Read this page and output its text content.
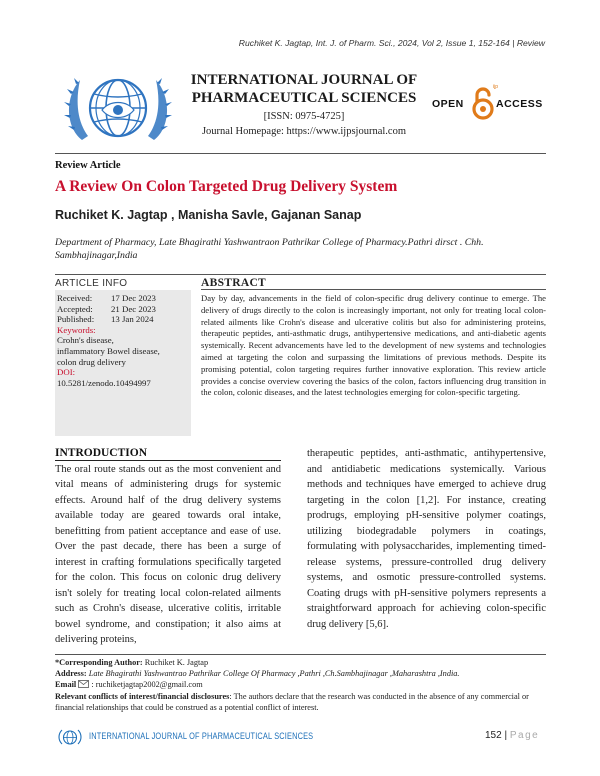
Ruchiket K. Jagtap, Int. J. of Pharm. Sci., 2024, Vol 2, Issue 1, 152-164 | Review
INTERNATIONAL JOURNAL OF
PHARMACEUTICAL SCIENCES
[ISSN: 0975-4725]
Journal Homepage: https://www.ijpsjournal.com
OPEN
ijp
ACCESS
Review Article
A Review On Colon Targeted Drug Delivery System
Ruchiket K. Jagtap , Manisha Savle, Gajanan Sanap
Department of Pharmacy, Late Bhagirathi Yashwantraon Pathrikar College of Pharmacy.Pathri dirsct . Chh.
Sambhajinagar,India
ARTICLE INFO
Received:	17 Dec 2023
Accepted:	21 Dec 2023
Published:	13 Jan 2024
Keywords:
Crohn's disease,
inflammatory Bowel disease,
colon drug delivery
DOI:
10.5281/zenodo.10494997
ABSTRACT
Day by day, advancements in the field of colon-specific drug delivery continue to emerge. The delivery of drugs directly to the colon is increasingly important, not only for treating local colon-related ailments like Crohn's disease and ulcerative colitis but also for administering proteins, therapeutic peptides, anti-asthmatic drugs, antihypertensive medications, and anti-diabetic agents systemically. Recent advancements have led to the development of new systems and technologies aimed at targeting the colon and surpassing the limitations of previous methods. Despite its promising potential, colon targeting requires further innovative exploration. This review article provides a concise overview covering the basics of the colon, factors influencing drug transition in the colon, colonic diseases, and the latest technologies emerging for colon-specific targeting.
INTRODUCTION
The oral route stands out as the most convenient and vital means of administering drugs for systemic effects. Around half of the drug delivery systems available today are geared towards oral intake, benefitting from patient acceptance and ease of use. Over the past decade, there has been a surge of interest in crafting formulations specifically targeted for the colon. This focus on colonic drug delivery isn't solely for treating local colon-related ailments such as Crohn's disease, ulcerative colitis, irritable bowel syndrome, and constipation; it also aims at delivering proteins,
therapeutic peptides, anti-asthmatic, antihypertensive, and antidiabetic medications systemically. Various methods and techniques have emerged to achieve drug targeting in the colon [1,2]. For instance, creating prodrugs, employing pH-sensitive polymer coatings, utilizing biodegradable polymers in coatings, formulating with polysaccharides, implementing timed-release systems, pressure-controlled drug delivery systems, and osmotic pressure-controlled systems. Coating drugs with pH-sensitive polymers represents a straightforward approach for achieving colon-specific drug delivery [5,6].
*Corresponding Author: Ruchiket K. Jagtap
Address: Late Bhagirathi Yashwantrao Pathrikar College Of Pharmacy ,Pathri ,Ch.Sambhajinagar ,Maharashtra ,India.
Email : ruchiketjagtap2002@gmail.com
Relevant conflicts of interest/financial disclosures: The authors declare that the research was conducted in the absence of any commercial or financial relationships that could be construed as a potential conflict of interest.
INTERNATIONAL JOURNAL OF PHARMACEUTICAL SCIENCES	152 | Page
